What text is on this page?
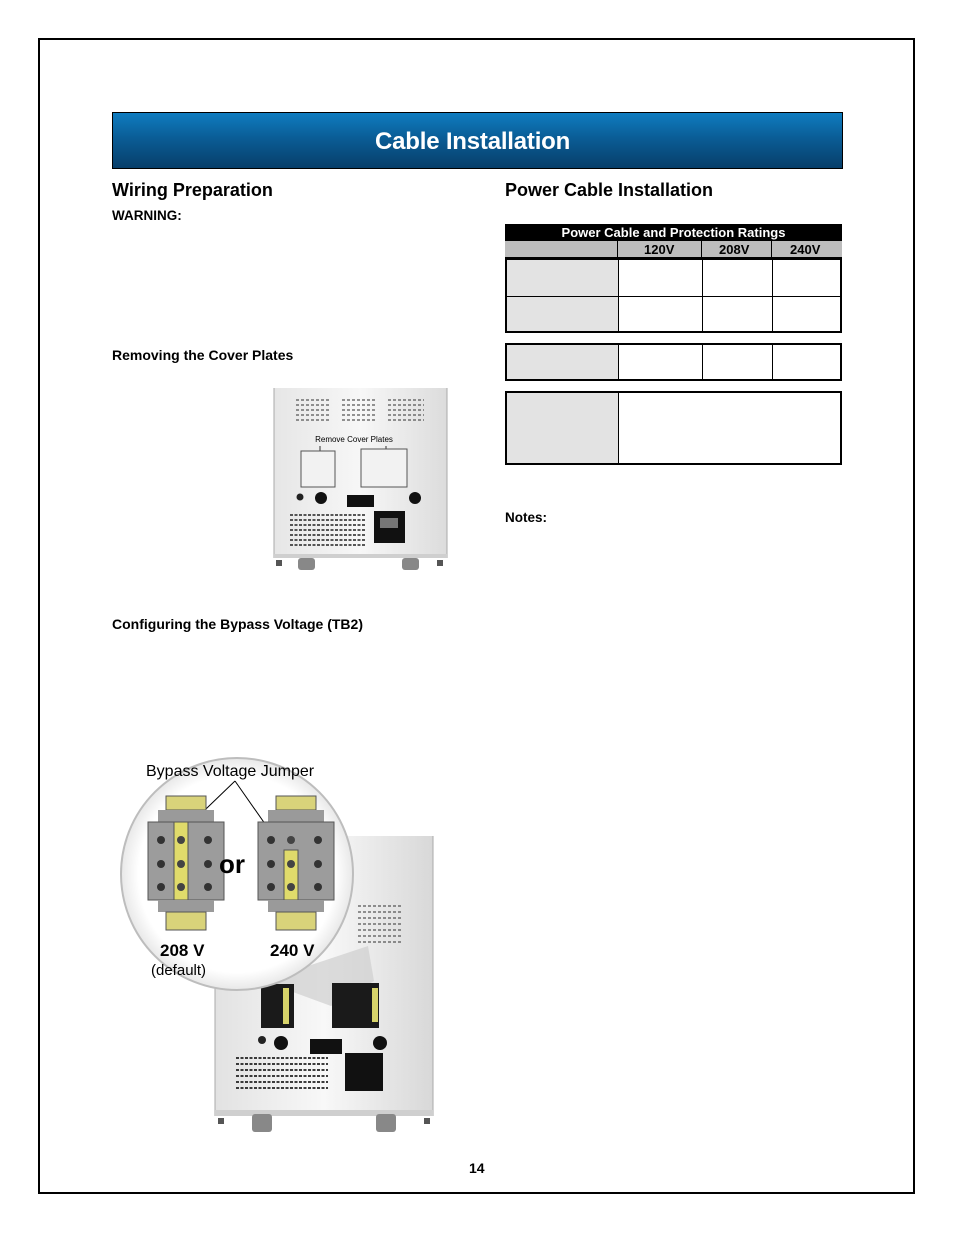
Cable Installation
Wiring Preparation
WARNING:
Removing the Cover Plates
Remove Cover Plates
Configuring the Bypass Voltage (TB2)
Bypass Voltage Jumper
or
208 V
(default)
240 V
Power Cable Installation
Power Cable and Protection Ratings
120V	208V	240V
Notes:
14
